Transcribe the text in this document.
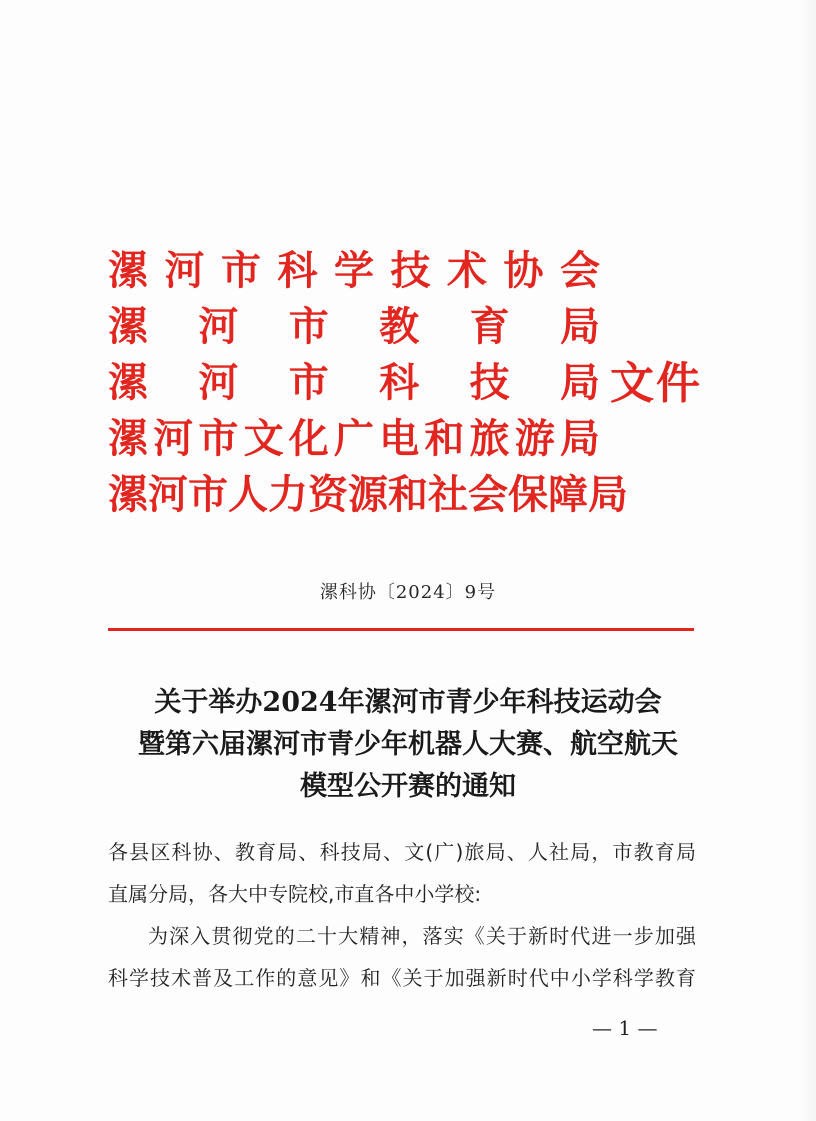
漯 河 市 科 学 技 术 协 会
漯 河 市 教 育 局
漯 河 市 科 技 局
漯 河 市 文 化 广 电 和 旅 游 局
漯 河 市 人 力 资 源 和 社 会 保 障 局
文件
漯科协〔2024〕9号
关于举办2024年漯河市青少年科技运动会
暨第六届漯河市青少年机器人大赛、航空航天
模型公开赛的通知
各县区科协、教育局、科技局、文(广)旅局、人社局，市教育局
直属分局，各大中专院校,市直各中小学校:
为深入贯彻党的二十大精神，落实《关于新时代进一步加强
科学技术普及工作的意见》和《关于加强新时代中小学科学教育
— 1 —
